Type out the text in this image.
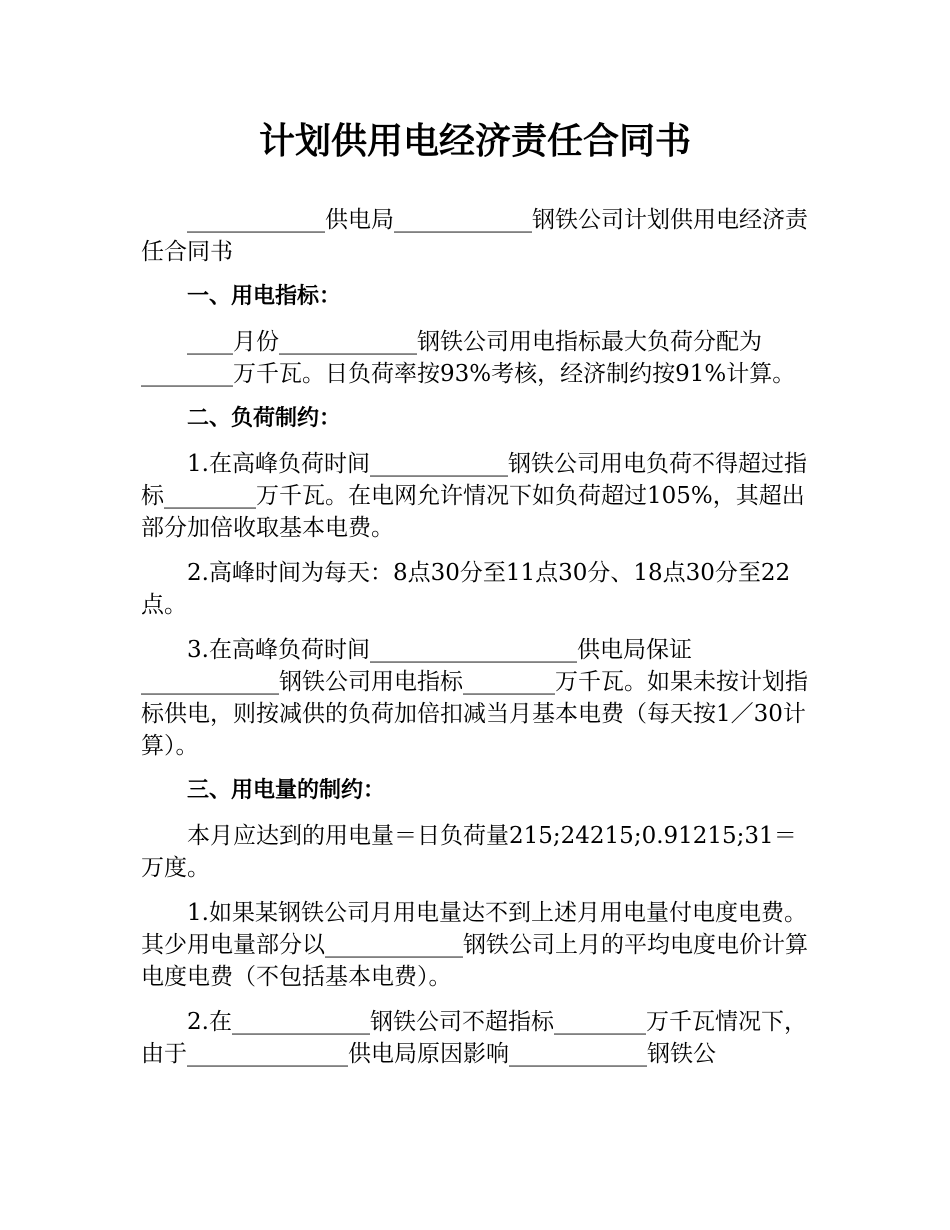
计划供用电经济责任合同书

____________供电局____________钢铁公司计划供用电经济责任合同书

一、用电指标：

____月份____________钢铁公司用电指标最大负荷分配为________万千瓦。日负荷率按93%考核，经济制约按91%计算。

二、负荷制约：

1.在高峰负荷时间____________钢铁公司用电负荷不得超过指标________万千瓦。在电网允许情况下如负荷超过105%，其超出部分加倍收取基本电费。

2.高峰时间为每天：8点30分至11点30分、18点30分至22点。

3.在高峰负荷时间__________________供电局保证____________钢铁公司用电指标________万千瓦。如果未按计划指标供电，则按减供的负荷加倍扣减当月基本电费（每天按1／30计算）。

三、用电量的制约：

本月应达到的用电量＝日负荷量215;24215;0.91215;31＝万度。

1.如果某钢铁公司月用电量达不到上述月用电量付电度电费。其少用电量部分以____________钢铁公司上月的平均电度电价计算电度电费（不包括基本电费）。

2.在____________钢铁公司不超指标________万千瓦情况下，由于______________供电局原因影响____________钢铁公
